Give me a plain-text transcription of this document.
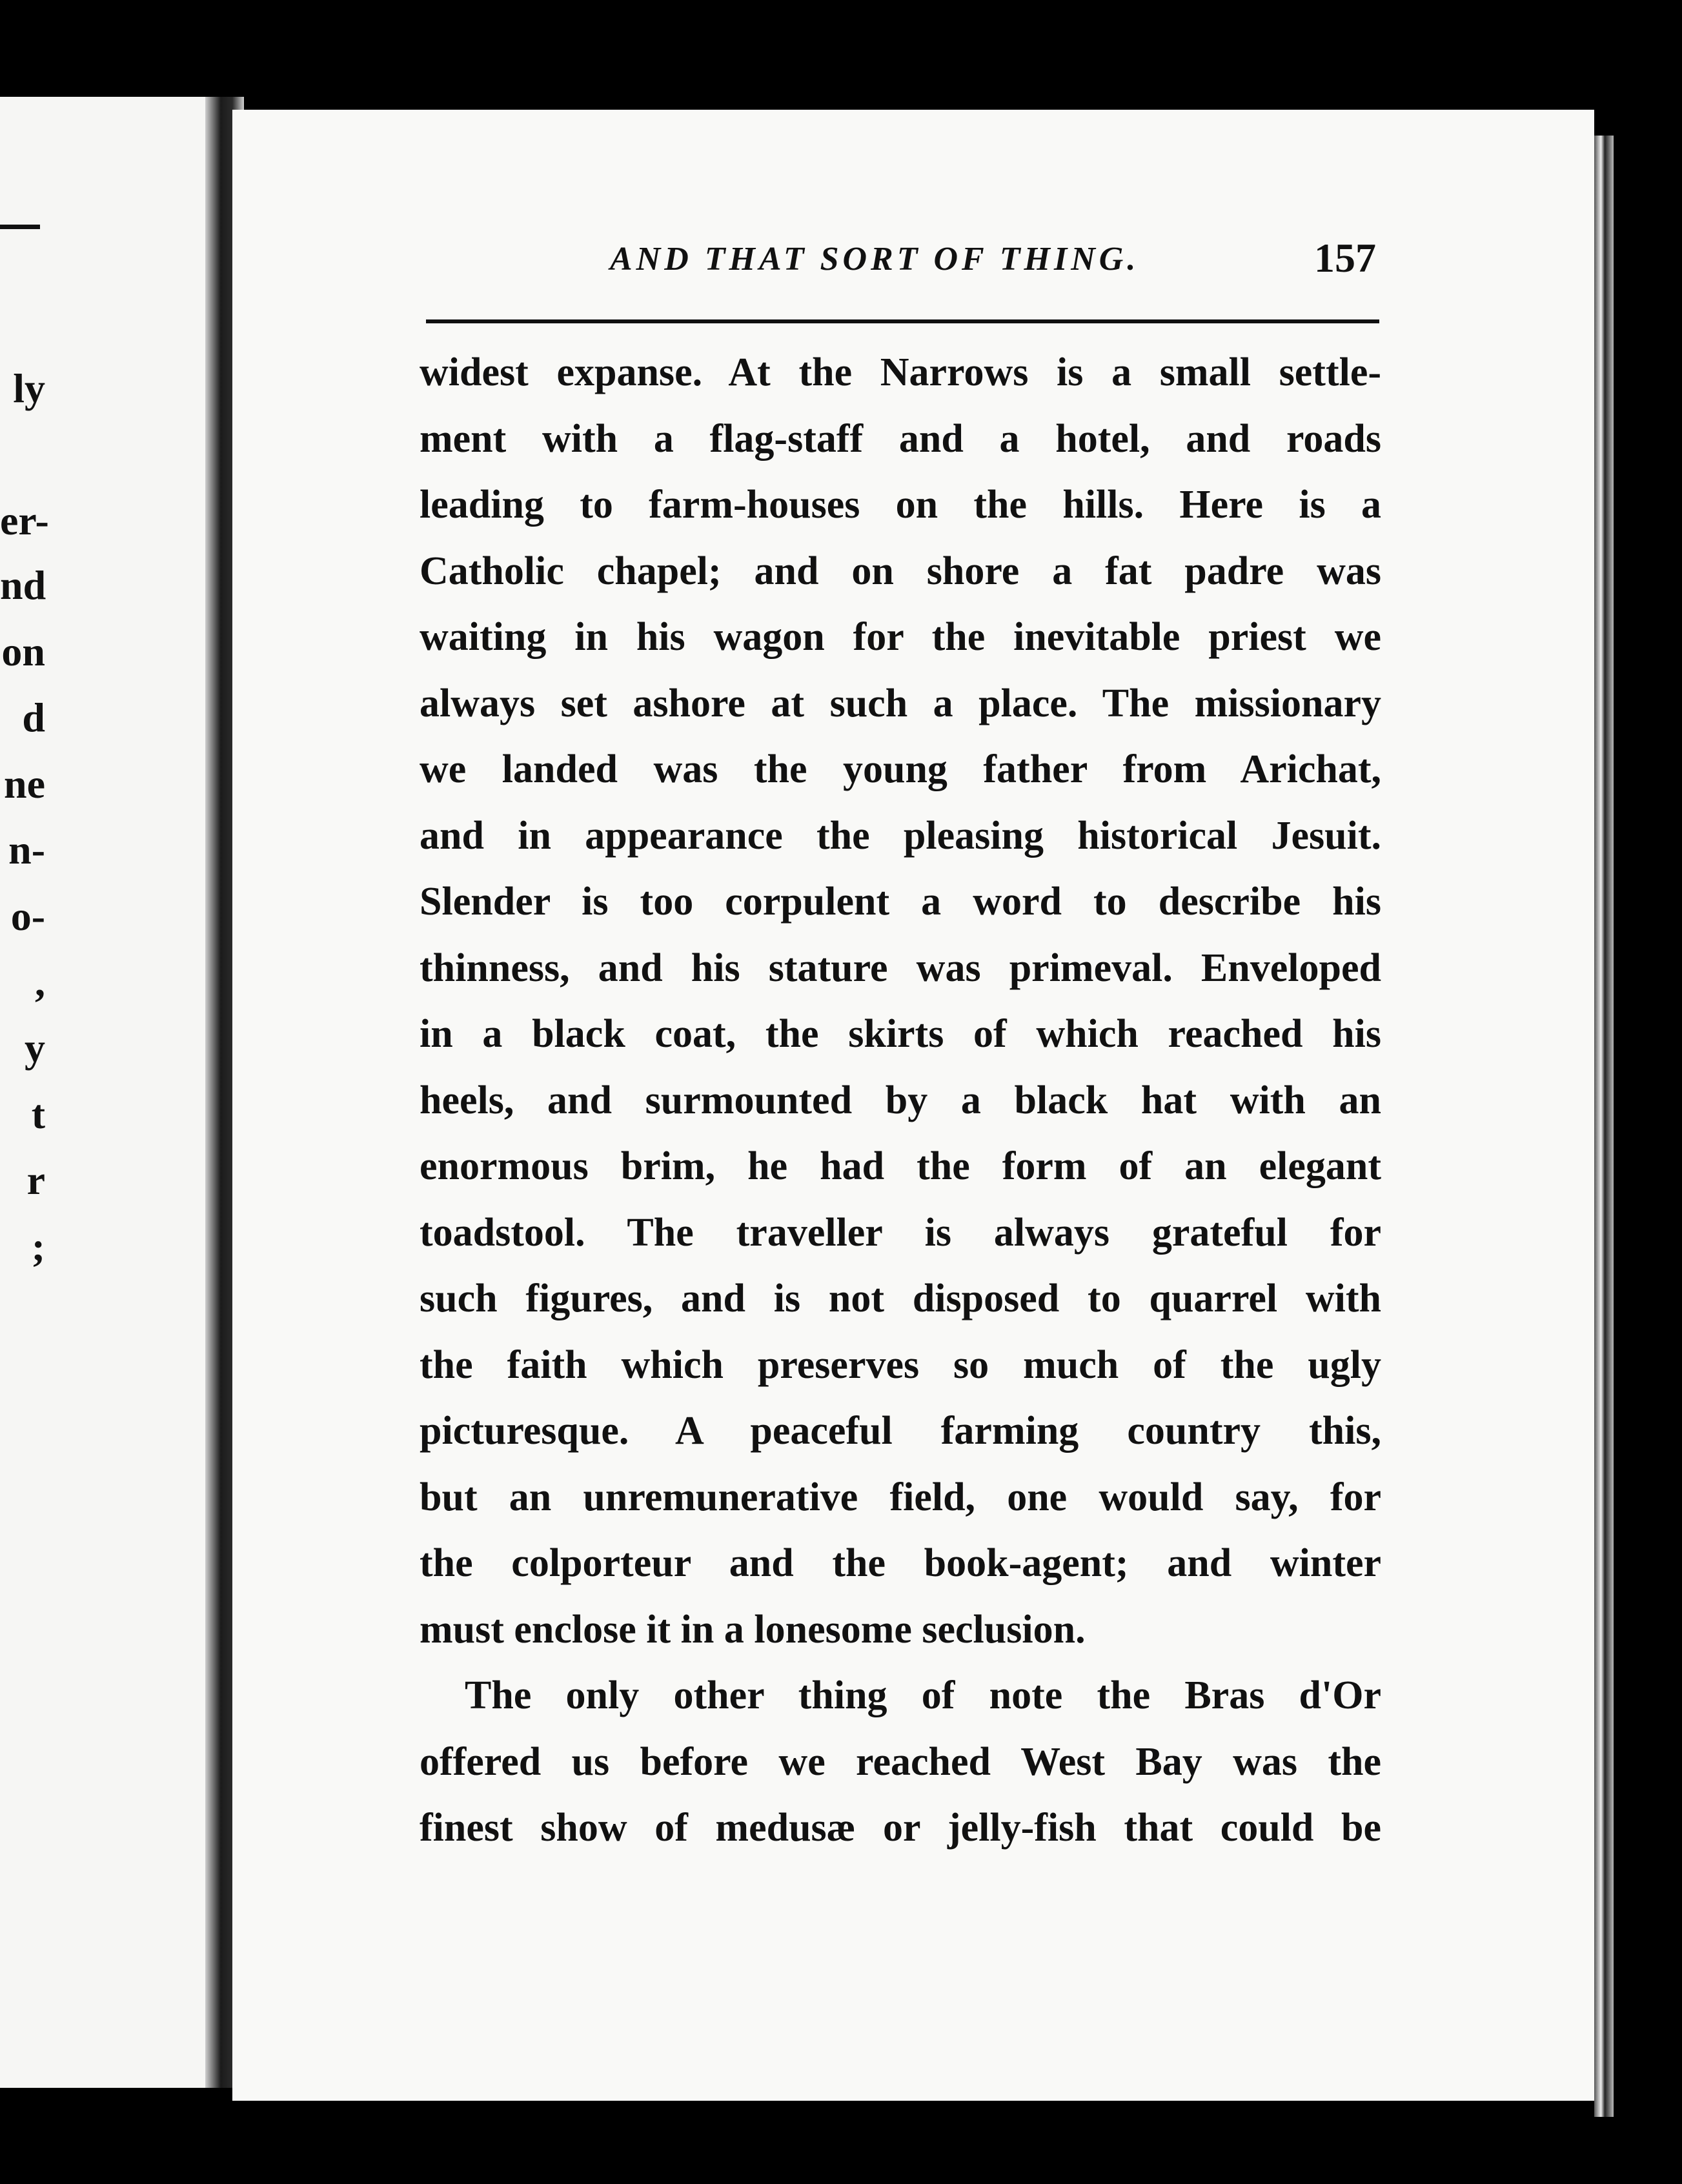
ly
er-
nd
on
d
ne
n-
o-
,
y
t
r
;
AND THAT SORT OF THING.	157
widest expanse. At the Narrows is a small settle-
ment with a flag-staff and a hotel, and roads
leading to farm-houses on the hills. Here is a
Catholic chapel; and on shore a fat padre was
waiting in his wagon for the inevitable priest we
always set ashore at such a place. The missionary
we landed was the young father from Arichat,
and in appearance the pleasing historical Jesuit.
Slender is too corpulent a word to describe his
thinness, and his stature was primeval. Enveloped
in a black coat, the skirts of which reached his
heels, and surmounted by a black hat with an
enormous brim, he had the form of an elegant
toadstool. The traveller is always grateful for
such figures, and is not disposed to quarrel with
the faith which preserves so much of the ugly
picturesque. A peaceful farming country this,
but an unremunerative field, one would say, for
the colporteur and the book-agent; and winter
must enclose it in a lonesome seclusion.
The only other thing of note the Bras d'Or
offered us before we reached West Bay was the
finest show of medusæ or jelly-fish that could be
